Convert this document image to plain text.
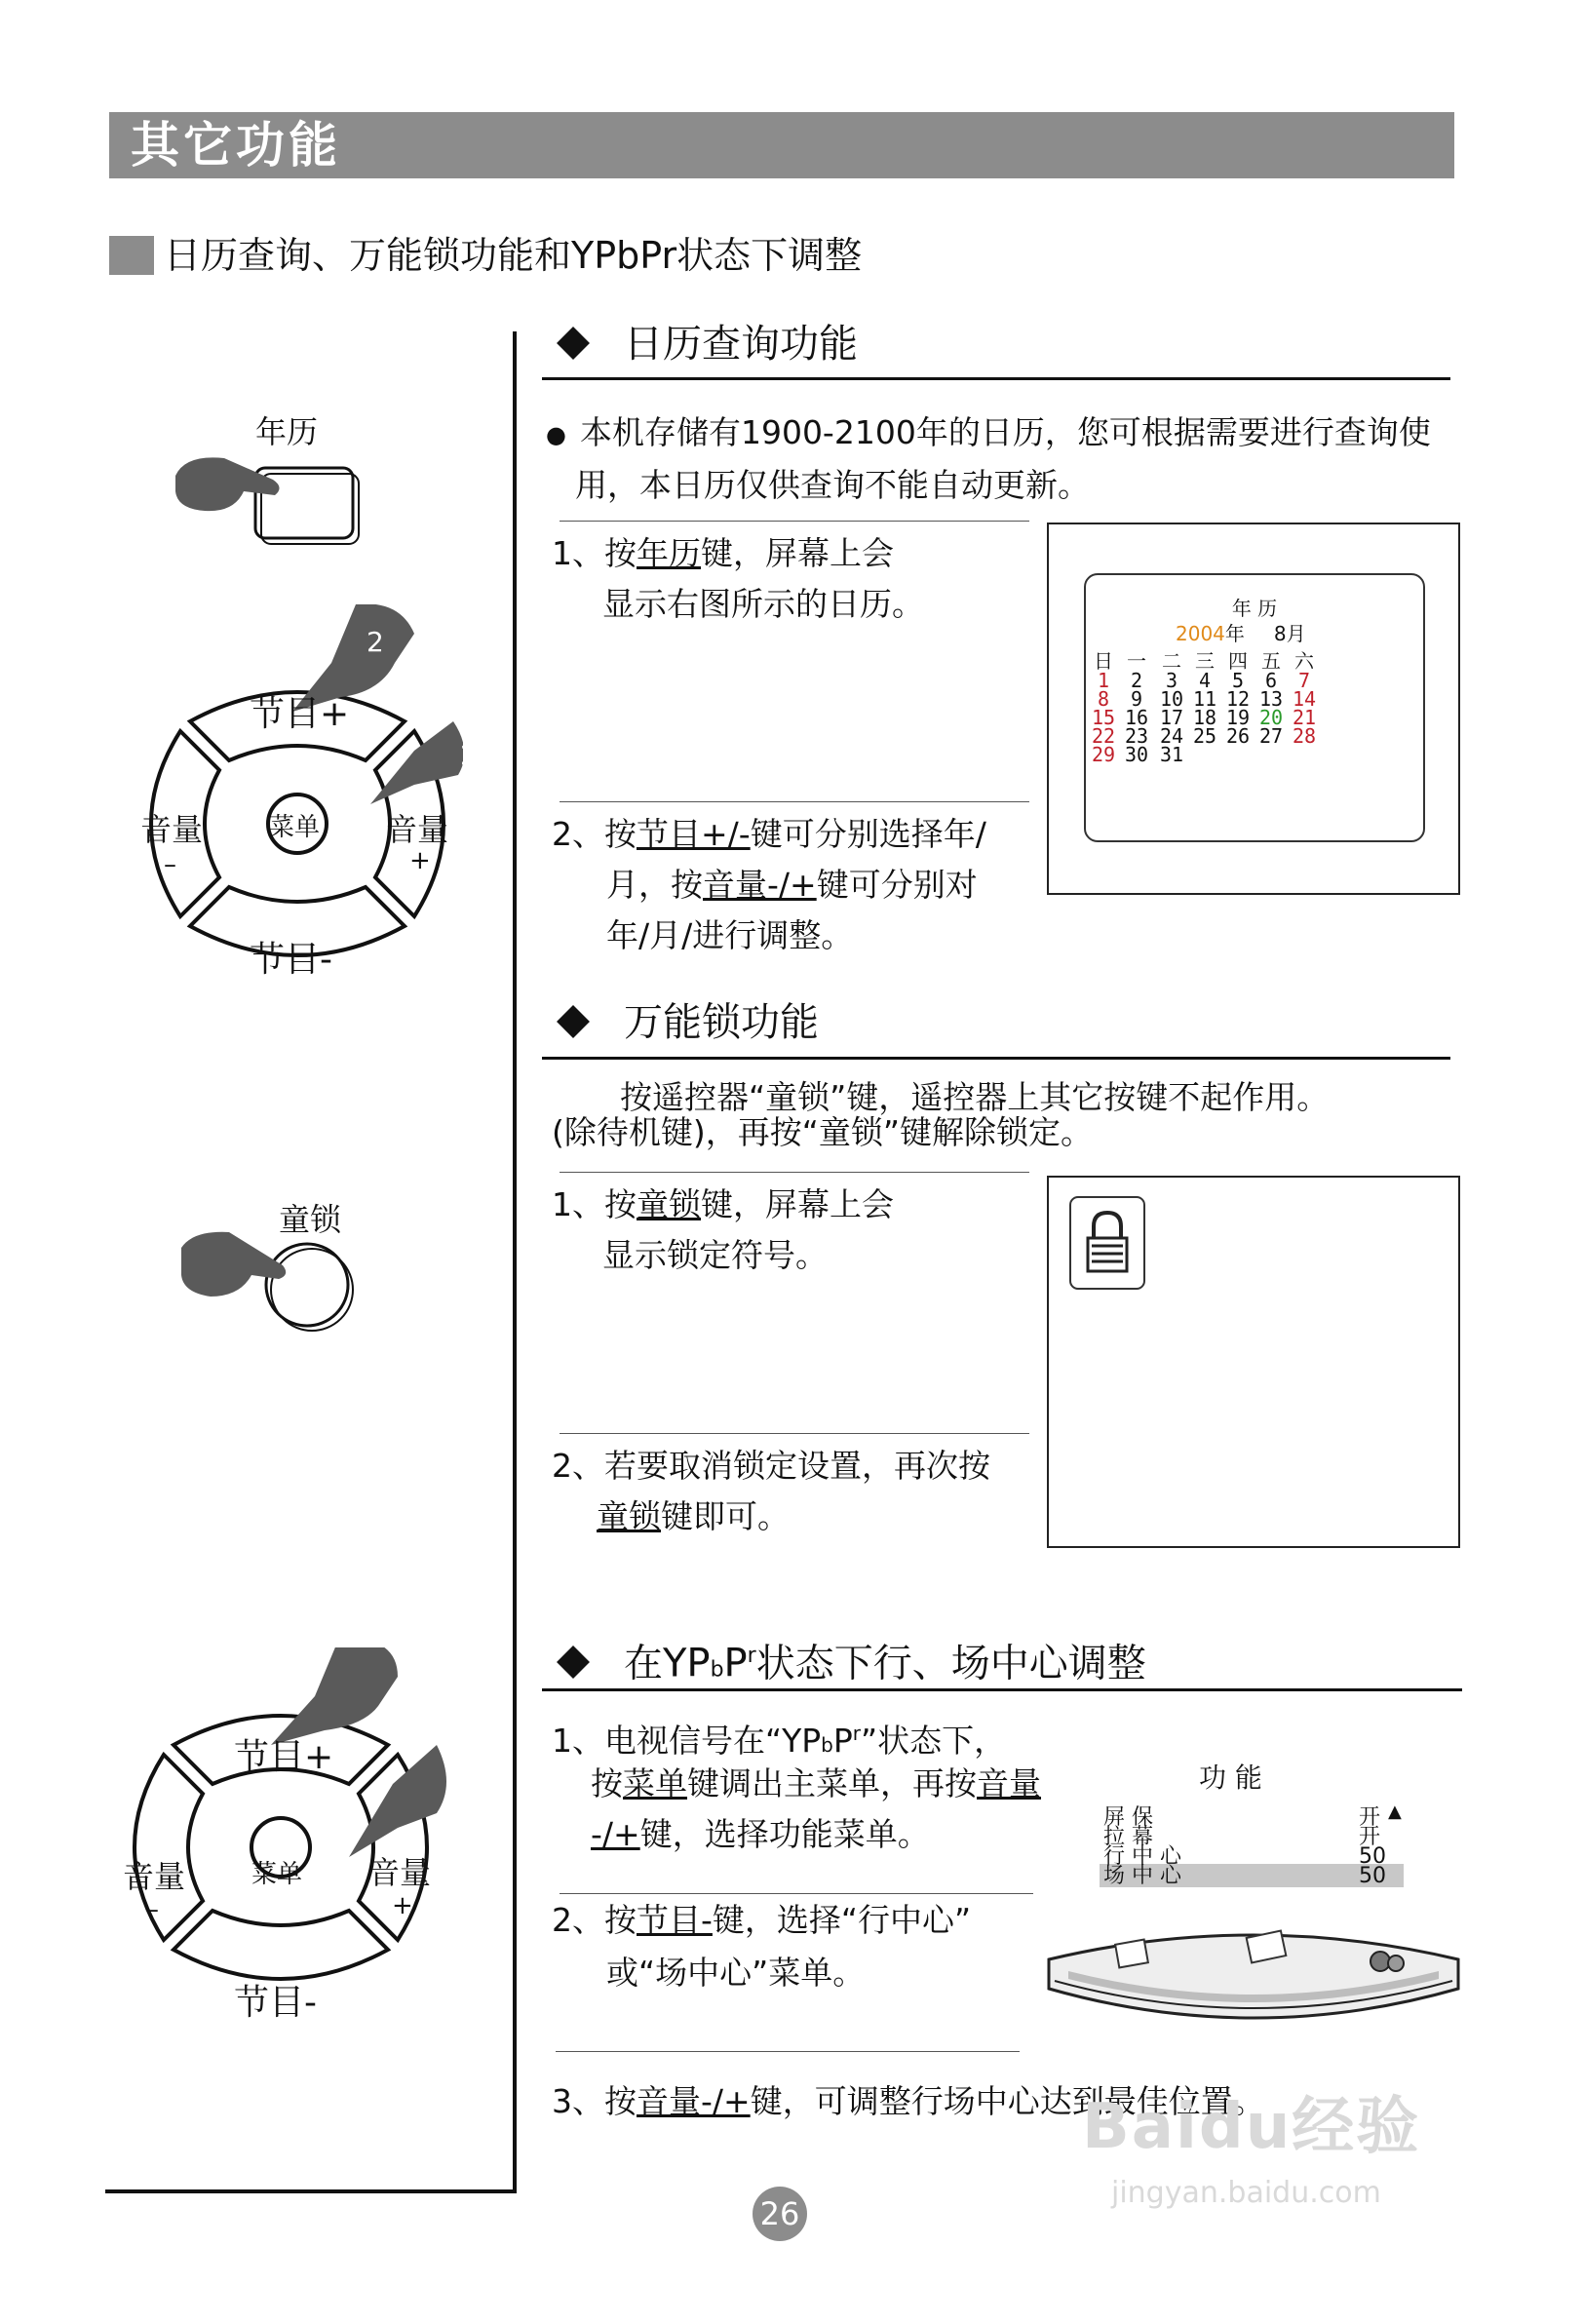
其它功能
日历查询、万能锁功能和YPbPr状态下调整
年历
2
2
节目+
节目-
音量
–
音量
+
菜单
童锁
节目+
节目-
音量
–
音量
+
菜单
日历查询功能
● 本机存储有1900-2100年的日历，您可根据需要进行查询使
用，本日历仅供查询不能自动更新。
1、按年历键，屏幕上会
显示右图所示的日历。
2、按节目+/-键可分别选择年/
月，按音量-/+键可分别对
年/月/进行调整。
年 历
2004年 8月
日 一 二 三 四 五 六
1	2	3	4	5	6	7
8	9 10 11 12 13 14
15 16 17 18 19 20 21
22 23 24 25 26 27 28
29 30 31
万能锁功能
按遥控器“童锁”键，遥控器上其它按键不起作用。
(除待机键)，再按“童锁”键解除锁定。
1、按童锁键，屏幕上会
显示锁定符号。
2、若要取消锁定设置，再次按
童锁键即可。
在YPbP$^r$状态下行、场中心调整
1、电视信号在“YPbP$^r$”状态下，
按菜单键调出主菜单，再按音量
-/+键，选择功能菜单。
2、按节目-键，选择“行中心”
或“场中心”菜单。
3、按音量-/+键，可调整行场中心达到最佳位置。
功 能
▲
屏 保	开
拉 幕	开
行 中 心	50
场 中 心	50
26
Baidu经验
jingyan.baidu.com
